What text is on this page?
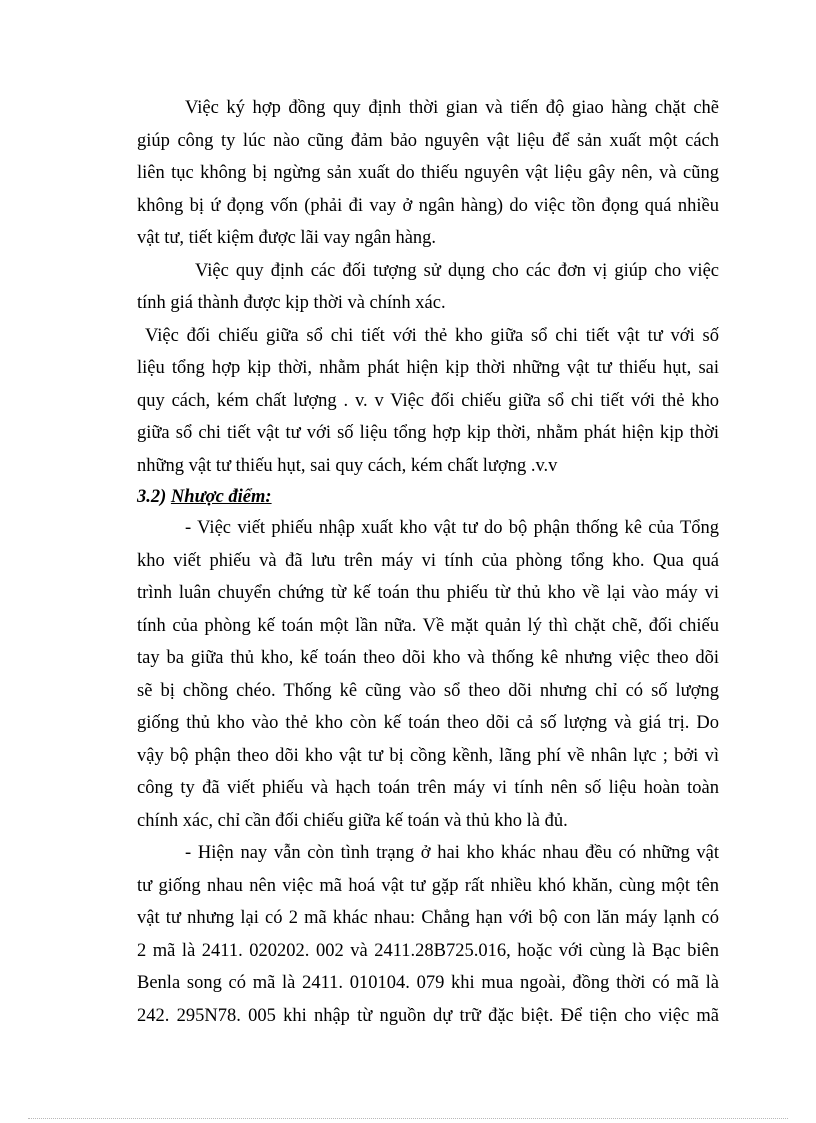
Việc ký hợp đồng quy định thời gian và tiến độ giao hàng chặt chẽ
giúp công ty lúc nào cũng đảm bảo nguyên vật liệu để sản xuất một cách
liên tục không bị ngừng sản xuất do thiếu nguyên vật liệu gây nên, và cũng
không bị ứ đọng vốn (phải đi vay ở ngân hàng) do việc tồn đọng quá nhiều
vật tư, tiết kiệm được lãi vay ngân hàng.
Việc quy định các đối tượng sử dụng cho các đơn vị giúp cho việc
tính giá thành được kịp thời và chính xác.
Việc đối chiếu giữa sổ chi tiết với thẻ kho giữa sổ chi tiết vật tư với số
liệu tổng hợp kịp thời, nhằm phát hiện kịp thời những vật tư thiếu hụt, sai
quy cách, kém chất lượng . v. v Việc đối chiếu giữa sổ chi tiết với thẻ kho
giữa sổ chi tiết vật tư với số liệu tổng hợp kịp thời, nhằm phát hiện kịp thời
những vật tư thiếu hụt, sai quy cách, kém chất lượng .v.v
3.2) Nhược điểm:
- Việc viết phiếu nhập xuất kho vật tư do bộ phận thống kê của Tổng
kho viết phiếu và đã lưu trên máy vi tính của phòng tổng kho. Qua quá
trình luân chuyển chứng từ kế toán thu phiếu từ thủ kho về lại vào máy vi
tính của phòng kế toán một lần nữa. Về mặt quản lý thì chặt chẽ, đối chiếu
tay ba giữa thủ kho, kế toán theo dõi kho và thống kê nhưng việc theo dõi
sẽ bị chồng chéo. Thống kê cũng vào sổ theo dõi nhưng chỉ có số lượng
giống thủ kho vào thẻ kho còn kế toán theo dõi cả số lượng và giá trị. Do
vậy bộ phận theo dõi kho vật tư bị cồng kềnh, lãng phí về nhân lực ; bởi vì
công ty đã viết phiếu và hạch toán trên máy vi tính nên số liệu hoàn toàn
chính xác, chỉ cần đối chiếu giữa kế toán và thủ kho là đủ.
- Hiện nay vẫn còn tình trạng ở hai kho khác nhau đều có những vật
tư giống nhau nên việc mã hoá vật tư gặp rất nhiều khó khăn, cùng một tên
vật tư nhưng lại có 2 mã khác nhau: Chẳng hạn với bộ con lăn máy lạnh có
2 mã là 2411. 020202. 002 và 2411.28B725.016, hoặc với cùng là Bạc biên
Benla song có mã là 2411. 010104. 079 khi mua ngoài, đồng thời có mã là
242. 295N78. 005 khi nhập từ nguồn dự trữ đặc biệt. Để tiện cho việc mã
